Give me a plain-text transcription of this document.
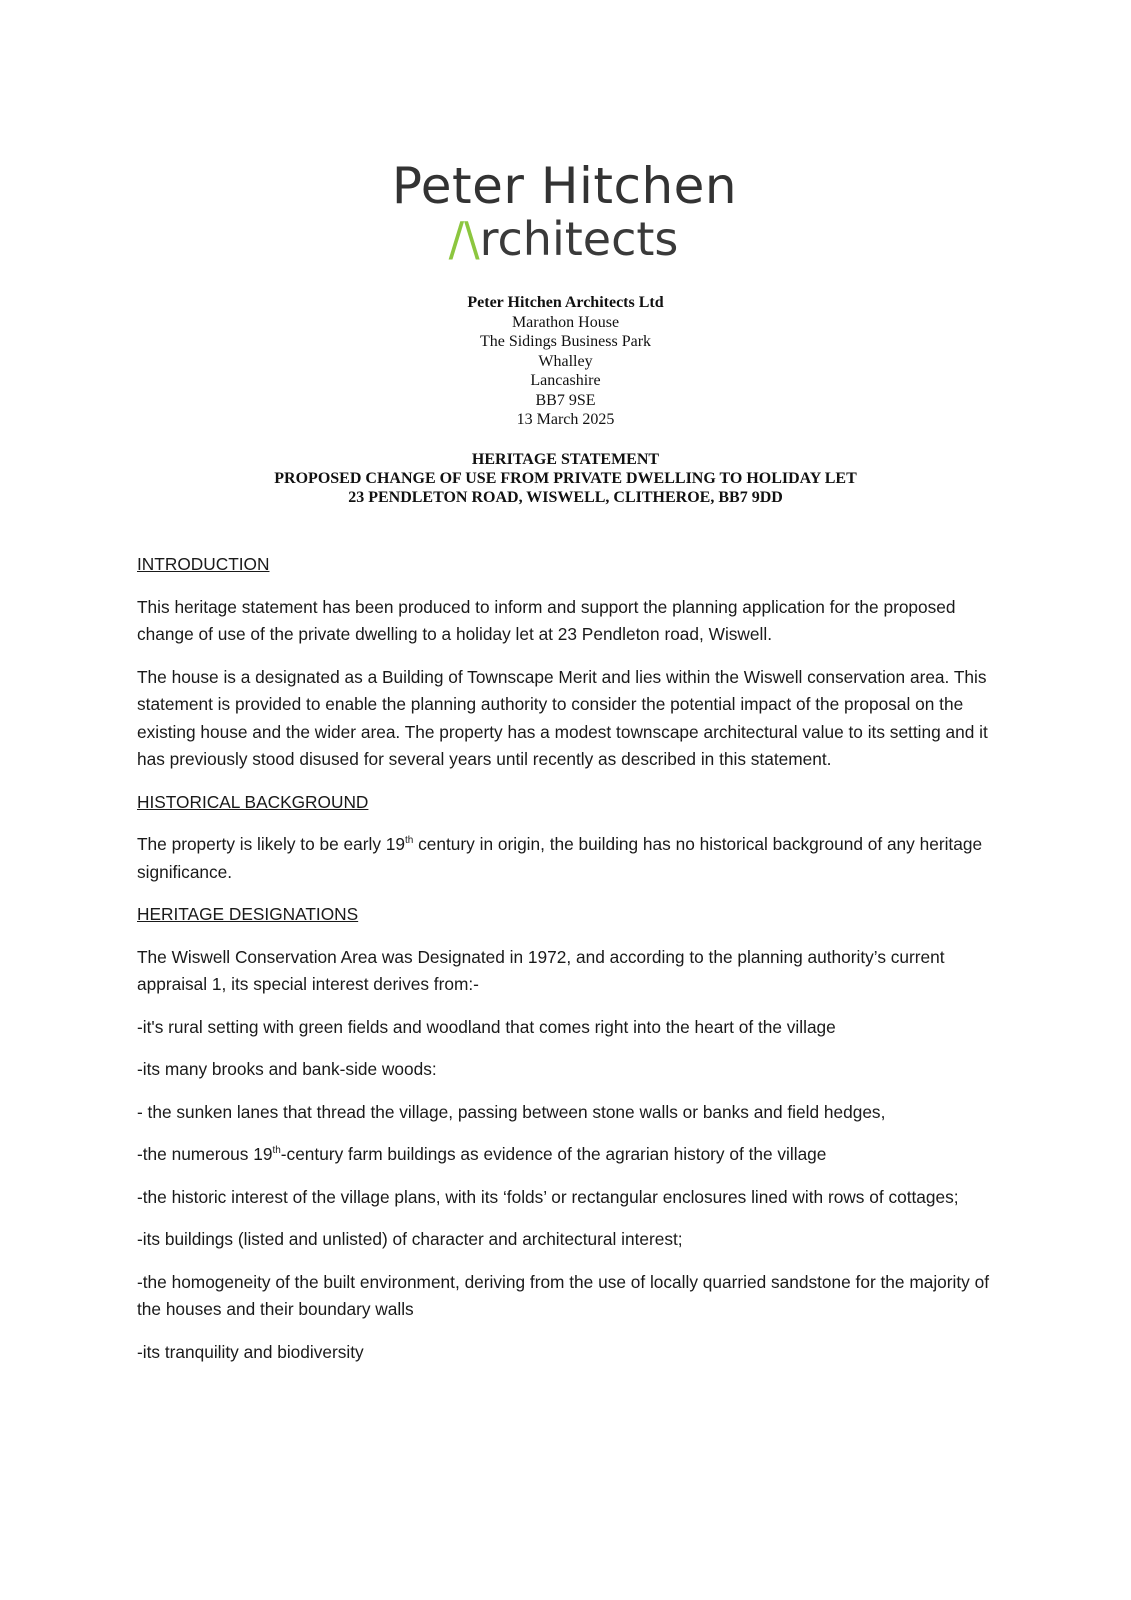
Peter Hitchen
/\rchitects
Peter Hitchen Architects Ltd
Marathon House
The Sidings Business Park
Whalley
Lancashire
BB7 9SE
13 March 2025
HERITAGE STATEMENT
PROPOSED CHANGE OF USE FROM PRIVATE DWELLING TO HOLIDAY LET
23 PENDLETON ROAD, WISWELL, CLITHEROE, BB7 9DD

INTRODUCTION

This heritage statement has been produced to inform and support the planning application for the proposed change of use of the private dwelling to a holiday let at 23 Pendleton road, Wiswell.

The house is a designated as a Building of Townscape Merit and lies within the Wiswell conservation area. This statement is provided to enable the planning authority to consider the potential impact of the proposal on the existing house and the wider area. The property has a modest townscape architectural value to its setting and it has previously stood disused for several years until recently as described in this statement.

HISTORICAL BACKGROUND

The property is likely to be early 19th century in origin, the building has no historical background of any heritage significance.

HERITAGE DESIGNATIONS

The Wiswell Conservation Area was Designated in 1972, and according to the planning authority’s current appraisal 1, its special interest derives from:-

-it's rural setting with green fields and woodland that comes right into the heart of the village

-its many brooks and bank-side woods:

- the sunken lanes that thread the village, passing between stone walls or banks and field hedges,

-the numerous 19th-century farm buildings as evidence of the agrarian history of the village

-the historic interest of the village plans, with its ‘folds’ or rectangular enclosures lined with rows of cottages;

-its buildings (listed and unlisted) of character and architectural interest;

-the homogeneity of the built environment, deriving from the use of locally quarried sandstone for the majority of the houses and their boundary walls

-its tranquility and biodiversity
